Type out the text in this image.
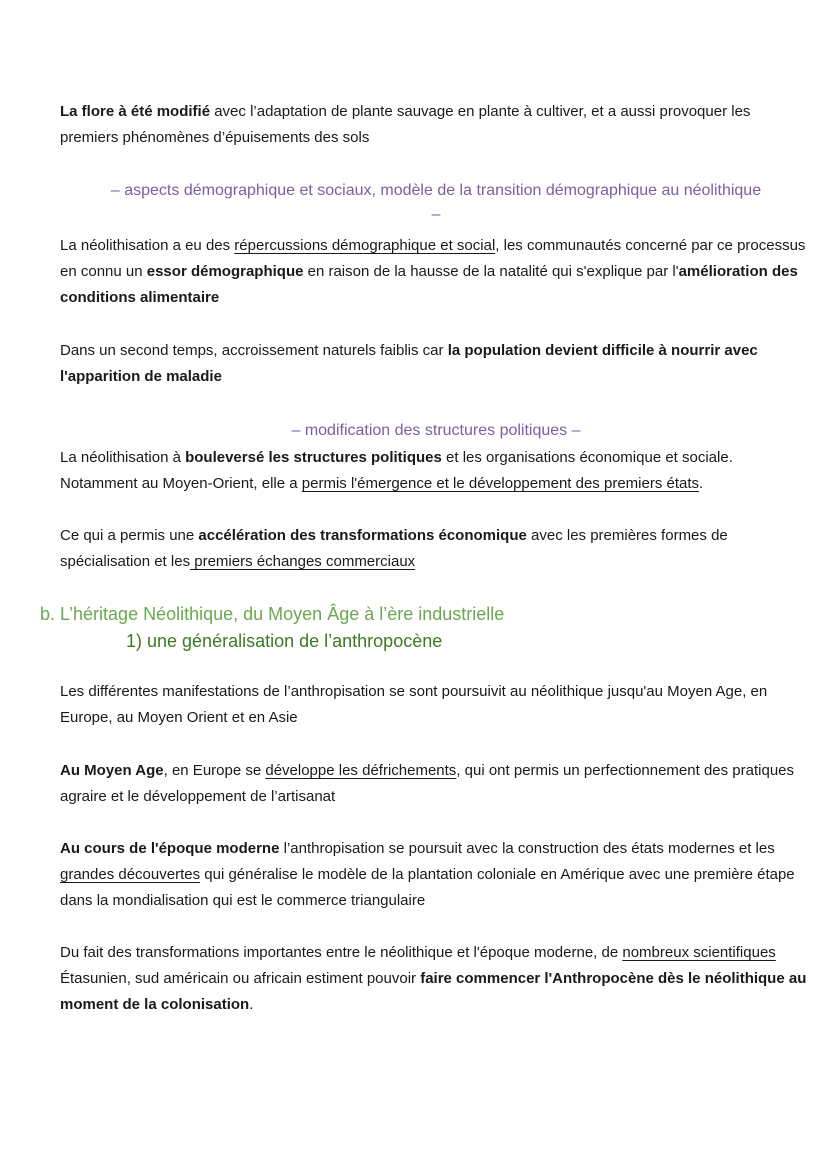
La flore à été modifié avec l’adaptation de plante sauvage en plante à cultiver, et a aussi provoquer les premiers phénomènes d’épuisements des sols

– aspects démographique et sociaux, modèle de la transition démographique au néolithique
–

La néolithisation a eu des répercussions démographique et social, les communautés concerné par ce processus en connu un essor démographique en raison de la hausse de la natalité qui s'explique par l'amélioration des conditions alimentaire

Dans un second temps, accroissement naturels faiblis car la population devient difficile à nourrir avec l'apparition de maladie

– modification des structures politiques –

La néolithisation à bouleversé les structures politiques et les organisations économique et sociale. Notamment au Moyen-Orient, elle a permis l'émergence et le développement des premiers états.

Ce qui a permis une accélération des transformations économique avec les premières formes de spécialisation et les premiers échanges commerciaux

b. L’héritage Néolithique, du Moyen Âge à l’ère industrielle
1) une généralisation de l’anthropocène

Les différentes manifestations de l’anthropisation se sont poursuivit au néolithique jusqu'au Moyen Age, en Europe, au Moyen Orient et en Asie

Au Moyen Age, en Europe se développe les défrichements, qui ont permis un perfectionnement des pratiques agraire et le développement de l’artisanat

Au cours de l'époque moderne l’anthropisation se poursuit avec la construction des états modernes et les grandes découvertes qui généralise le modèle de la plantation coloniale en Amérique avec une première étape dans la mondialisation qui est le commerce triangulaire

Du fait des transformations importantes entre le néolithique et l'époque moderne, de nombreux scientifiques Étasunien, sud américain ou africain estiment pouvoir faire commencer l'Anthropocène dès le néolithique au moment de la colonisation.
